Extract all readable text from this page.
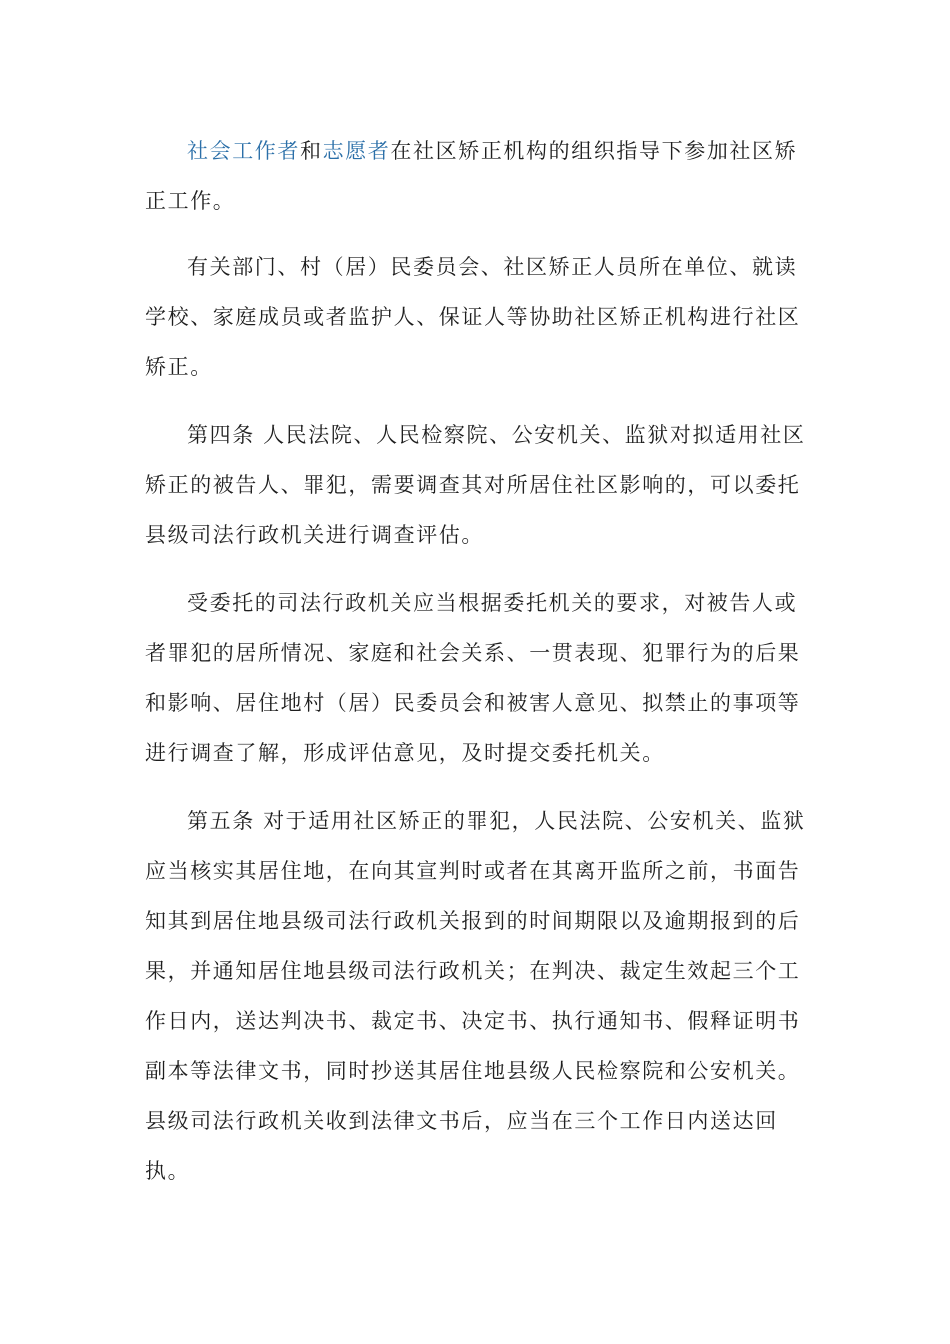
社会工作者和志愿者在社区矫正机构的组织指导下参加社区矫正工作。

有关部门、村（居）民委员会、社区矫正人员所在单位、就读学校、家庭成员或者监护人、保证人等协助社区矫正机构进行社区矫正。

第四条 人民法院、人民检察院、公安机关、监狱对拟适用社区矫正的被告人、罪犯，需要调查其对所居住社区影响的，可以委托县级司法行政机关进行调查评估。

受委托的司法行政机关应当根据委托机关的要求，对被告人或者罪犯的居所情况、家庭和社会关系、一贯表现、犯罪行为的后果和影响、居住地村（居）民委员会和被害人意见、拟禁止的事项等进行调查了解，形成评估意见，及时提交委托机关。

第五条 对于适用社区矫正的罪犯，人民法院、公安机关、监狱应当核实其居住地，在向其宣判时或者在其离开监所之前，书面告知其到居住地县级司法行政机关报到的时间期限以及逾期报到的后果，并通知居住地县级司法行政机关；在判决、裁定生效起三个工作日内，送达判决书、裁定书、决定书、执行通知书、假释证明书副本等法律文书，同时抄送其居住地县级人民检察院和公安机关。县级司法行政机关收到法律文书后，应当在三个工作日内送达回执。
